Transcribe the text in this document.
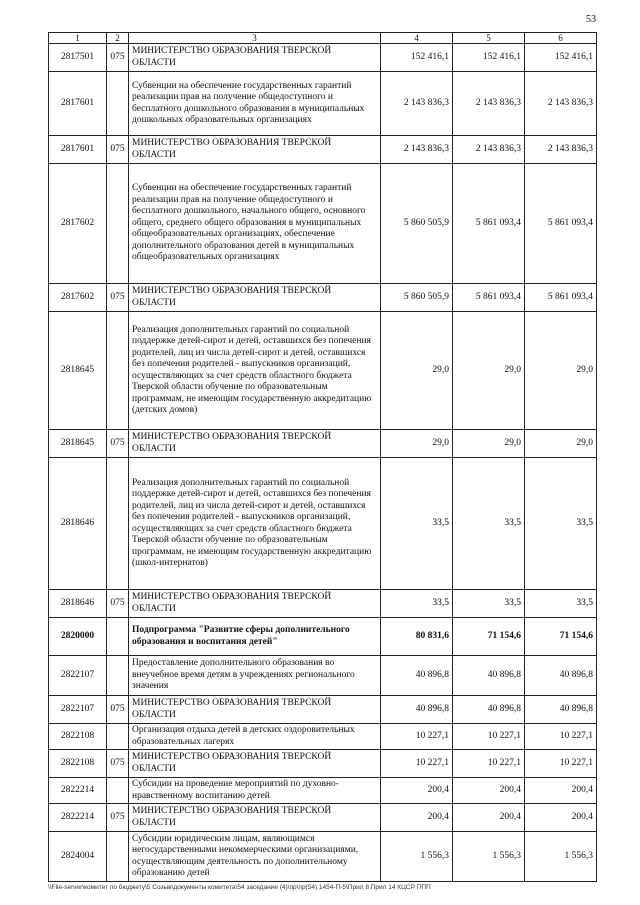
53
1	2	3	4	5	6
2817501	075	МИНИСТЕРСТВО ОБРАЗОВАНИЯ ТВЕРСКОЙ ОБЛАСТИ	152 416,1	152 416,1	152 416,1
2817601		Субвенции на обеспечение государственных гарантий реализации прав на получение общедоступного и бесплатного дошкольного образования в муниципальных дошкольных образовательных организациях	2 143 836,3	2 143 836,3	2 143 836,3
2817601	075	МИНИСТЕРСТВО ОБРАЗОВАНИЯ ТВЕРСКОЙ ОБЛАСТИ	2 143 836,3	2 143 836,3	2 143 836,3
2817602		Субвенции на обеспечение государственных гарантий реализации прав на получение общедоступного и бесплатного дошкольного, начального общего, основного общего, среднего общего образования в муниципальных общеобразовательных организациях, обеспечение дополнительного образования детей в муниципальных общеобразовательных организациях	5 860 505,9	5 861 093,4	5 861 093,4
2817602	075	МИНИСТЕРСТВО ОБРАЗОВАНИЯ ТВЕРСКОЙ ОБЛАСТИ	5 860 505,9	5 861 093,4	5 861 093,4
2818645		Реализация дополнительных гарантий по социальной поддержке детей-сирот и детей, оставшихся без попечения родителей, лиц из числа детей-сирот и детей, оставшихся без попечения родителей - выпускников организаций, осуществляющих за счет средств областного бюджета Тверской области обучение по образовательным программам, не имеющим государственную аккредитацию (детских домов)	29,0	29,0	29,0
2818645	075	МИНИСТЕРСТВО ОБРАЗОВАНИЯ ТВЕРСКОЙ ОБЛАСТИ	29,0	29,0	29,0
2818646		Реализация дополнительных гарантий по социальной поддержке детей-сирот и детей, оставшихся без попечения родителей, лиц из числа детей-сирот и детей, оставшихся без попечения родителей - выпускников организаций, осуществляющих за счет средств областного бюджета Тверской области обучение по образовательным программам, не имеющим государственную аккредитацию (школ-интернатов)	33,5	33,5	33,5
2818646	075	МИНИСТЕРСТВО ОБРАЗОВАНИЯ ТВЕРСКОЙ ОБЛАСТИ	33,5	33,5	33,5
2820000		Подпрограмма "Развитие сферы дополнительного образования и воспитания детей"	80 831,6	71 154,6	71 154,6
2822107		Предоставление дополнительного образования во внеучебное время детям в учреждениях регионального значения	40 896,8	40 896,8	40 896,8
2822107	075	МИНИСТЕРСТВО ОБРАЗОВАНИЯ ТВЕРСКОЙ ОБЛАСТИ	40 896,8	40 896,8	40 896,8
2822108		Организация отдыха детей в детских оздоровительных образовательных лагерях	10 227,1	10 227,1	10 227,1
2822108	075	МИНИСТЕРСТВО ОБРАЗОВАНИЯ ТВЕРСКОЙ ОБЛАСТИ	10 227,1	10 227,1	10 227,1
2822214		Субсидии на проведение мероприятий по духовно-нравственному воспитанию детей	200,4	200,4	200,4
2822214	075	МИНИСТЕРСТВО ОБРАЗОВАНИЯ ТВЕРСКОЙ ОБЛАСТИ	200,4	200,4	200,4
2824004		Субсидии юридическим лицам, являющимся негосударственными некоммерческими организациями, осуществляющим деятельность по дополнительному образованию детей	1 556,3	1 556,3	1 556,3
\\File-server\комитет по бюджету\5 Созыв\документы комитета\54 заседание (4)\пр\пр(54) 1454-П-5\Прил 8 Прил 14 КЦСР ППП
